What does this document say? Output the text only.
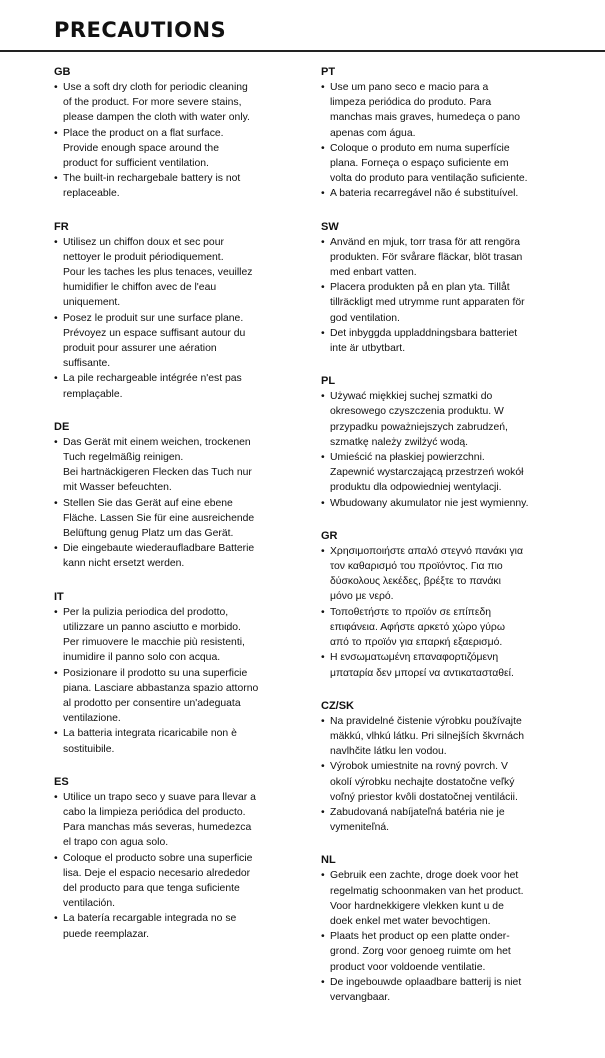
PRECAUTIONS
GB
• Use a soft dry cloth for periodic cleaning
of the product. For more severe stains,
please dampen the cloth with water only.
• Place the product on a flat surface.
Provide enough space around the
product for sufficient ventilation.
• The built-in rechargebale battery is not
replaceable.
FR
• Utilisez un chiffon doux et sec pour
nettoyer le produit périodiquement.
Pour les taches les plus tenaces, veuillez
humidifier le chiffon avec de l'eau
uniquement.
• Posez le produit sur une surface plane.
Prévoyez un espace suffisant autour du
produit pour assurer une aération
suffisante.
• La pile rechargeable intégrée n'est pas
remplaçable.
DE
• Das Gerät mit einem weichen, trockenen
Tuch regelmäßig reinigen.
Bei hartnäckigeren Flecken das Tuch nur
mit Wasser befeuchten.
• Stellen Sie das Gerät auf eine ebene
Fläche. Lassen Sie für eine ausreichende
Belüftung genug Platz um das Gerät.
• Die eingebaute wiederaufladbare Batterie
kann nicht ersetzt werden.
IT
• Per la pulizia periodica del prodotto,
utilizzare un panno asciutto e morbido.
Per rimuovere le macchie più resistenti,
inumidire il panno solo con acqua.
• Posizionare il prodotto su una superficie
piana. Lasciare abbastanza spazio attorno
al prodotto per consentire un'adeguata
ventilazione.
• La batteria integrata ricaricabile non è
sostituibile.
ES
• Utilice un trapo seco y suave para llevar a
cabo la limpieza periódica del producto.
Para manchas más severas, humedezca
el trapo con agua solo.
• Coloque el producto sobre una superficie
lisa. Deje el espacio necesario alrededor
del producto para que tenga suficiente
ventilación.
• La batería recargable integrada no se
puede reemplazar.
PT
• Use um pano seco e macio para a
limpeza periódica do produto. Para
manchas mais graves, humedeça o pano
apenas com água.
• Coloque o produto em numa superfície
plana. Forneça o espaço suficiente em
volta do produto para ventilação suficiente.
• A bateria recarregável não é substituível.
SW
• Använd en mjuk, torr trasa för att rengöra
produkten. För svårare fläckar, blöt trasan
med enbart vatten.
• Placera produkten på en plan yta. Tillåt
tillräckligt med utrymme runt apparaten för
god ventilation.
• Det inbyggda uppladdningsbara batteriet
inte är utbytbart.
PL
• Używać miękkiej suchej szmatki do
okresowego czyszczenia produktu. W
przypadku poważniejszych zabrudzeń,
szmatkę należy zwilżyć wodą.
• Umieścić na płaskiej powierzchni.
Zapewnić wystarczającą przestrzeń wokół
produktu dla odpowiedniej wentylacji.
• Wbudowany akumulator nie jest wymienny.
GR
• Χρησιμοποιήστε απαλό στεγνό πανάκι για
τον καθαρισμό του προϊόντος. Για πιο
δύσκολους λεκέδες, βρέξτε το πανάκι
μόνο με νερό.
• Τοποθετήστε το προϊόν σε επίπεδη
επιφάνεια. Αφήστε αρκετό χώρο γύρω
από το προϊόν για επαρκή εξαερισμό.
• Η ενσωματωμένη επαναφορτιζόμενη
μπαταρία δεν μπορεί να αντικατασταθεί.
CZ/SK
• Na pravidelné čistenie výrobku používajte
mäkkú, vlhkú látku. Pri silnejších škvrnách
navlhčite látku len vodou.
• Výrobok umiestnite na rovný povrch. V
okolí výrobku nechajte dostatočne veľký
voľný priestor kvôli dostatočnej ventilácii.
• Zabudovaná nabíjateľná batéria nie je
vymeniteľná.
NL
• Gebruik een zachte, droge doek voor het
regelmatig schoonmaken van het product.
Voor hardnekkigere vlekken kunt u de
doek enkel met water bevochtigen.
• Plaats het product op een platte onder-
grond. Zorg voor genoeg ruimte om het
product voor voldoende ventilatie.
• De ingebouwde oplaadbare batterij is niet
vervangbaar.
